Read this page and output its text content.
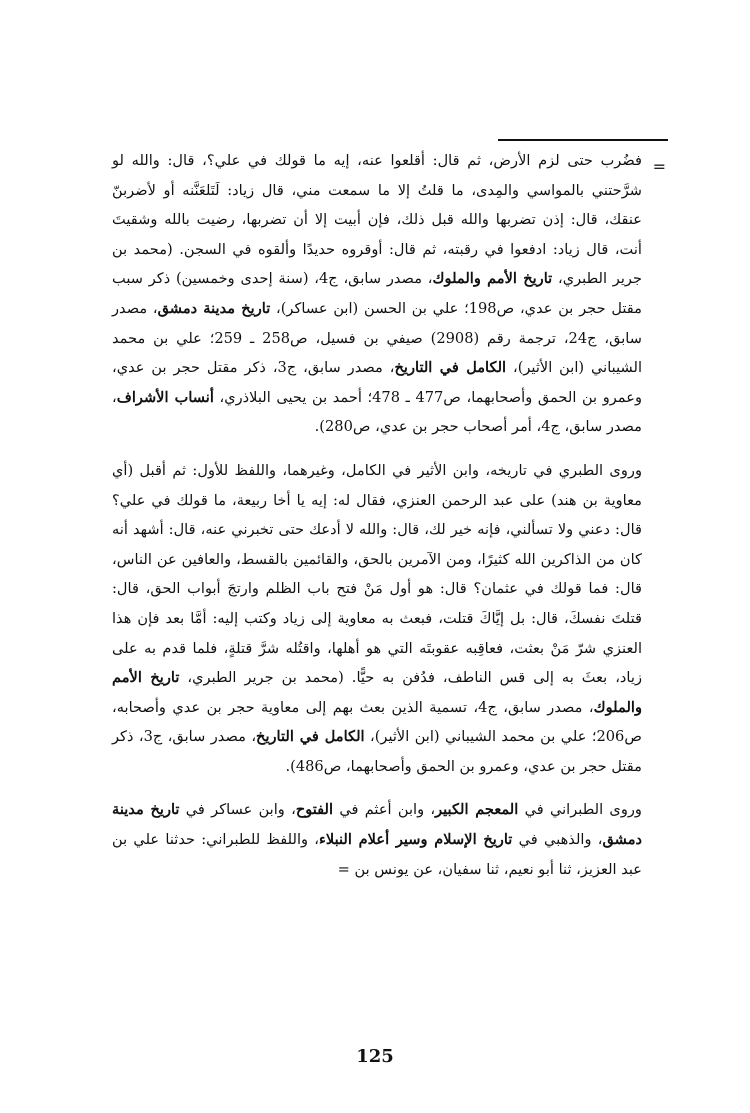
=

فضُرب حتى لزم الأرض، ثم قال: أقلعوا عنه، إيه ما قولك في علي؟، قال: والله لو شرَّحتني بالمواسي والمِدى، ما قلتُ إلا ما سمعت مني، قال زياد: لَتَلعَنَّنه أو لأضربنّ عنقك، قال: إذن تضربها والله قبل ذلك، فإن أبيت إلا أن تضربها، رضيت بالله وشقيتَ أنت، قال زياد: ادفعوا في رقبته، ثم قال: أوقروه حديدًا وألقوه في السجن. (محمد بن جرير الطبري، تاريخ الأمم والملوك، مصدر سابق، ج4، (سنة إحدى وخمسين) ذكر سبب مقتل حجر بن عدي، ص198؛ علي بن الحسن (ابن عساكر)، تاريخ مدينة دمشق، مصدر سابق، ج24، ترجمة رقم (2908) صيفي بن فسيل، ص258 ـ 259؛ علي بن محمد الشيباني (ابن الأثير)، الكامل في التاريخ، مصدر سابق، ج3، ذكر مقتل حجر بن عدي، وعمرو بن الحمق وأصحابهما، ص477 ـ 478؛ أحمد بن يحيى البلاذري، أنساب الأشراف، مصدر سابق، ج4، أمر أصحاب حجر بن عدي، ص280).

وروى الطبري في تاريخه، وابن الأثير في الكامل، وغيرهما، واللفظ للأول: ثم أقبل (أي معاوية بن هند) على عبد الرحمن العنزي، فقال له: إيه يا أخا ربيعة، ما قولك في علي؟ قال: دعني ولا تسألني، فإنه خير لك، قال: والله لا أدعك حتى تخبرني عنه، قال: أشهد أنه كان من الذاكرين الله كثيرًا، ومن الآمرين بالحق، والقائمين بالقسط، والعافين عن الناس، قال: فما قولك في عثمان؟ قال: هو أول مَنْ فتح باب الظلم وارتجَ أبواب الحق، قال: قتلتَ نفسكَ، قال: بل إيَّاكَ قتلت، فبعث به معاوية إلى زياد وكتب إليه: أمَّا بعد فإن هذا العنزي شرّ مَنْ بعثت، فعاقِبه عقوبتَه التي هو أهلها، واقتُله شرَّ قتلةٍ، فلما قدم به على زياد، بعثَ به إلى قس الناطف، فدُفن به حيًّا. (محمد بن جرير الطبري، تاريخ الأمم والملوك، مصدر سابق، ج4، تسمية الذين بعث بهم إلى معاوية حجر بن عدي وأصحابه، ص206؛ علي بن محمد الشيباني (ابن الأثير)، الكامل في التاريخ، مصدر سابق، ج3، ذكر مقتل حجر بن عدي، وعمرو بن الحمق وأصحابهما، ص486).

وروى الطبراني في المعجم الكبير، وابن أعثم في الفتوح، وابن عساكر في تاريخ مدينة دمشق، والذهبي في تاريخ الإسلام وسير أعلام النبلاء، واللفظ للطبراني: حدثنا علي بن عبد العزيز، ثنا أبو نعيم، ثنا سفيان، عن يونس بن =

125
